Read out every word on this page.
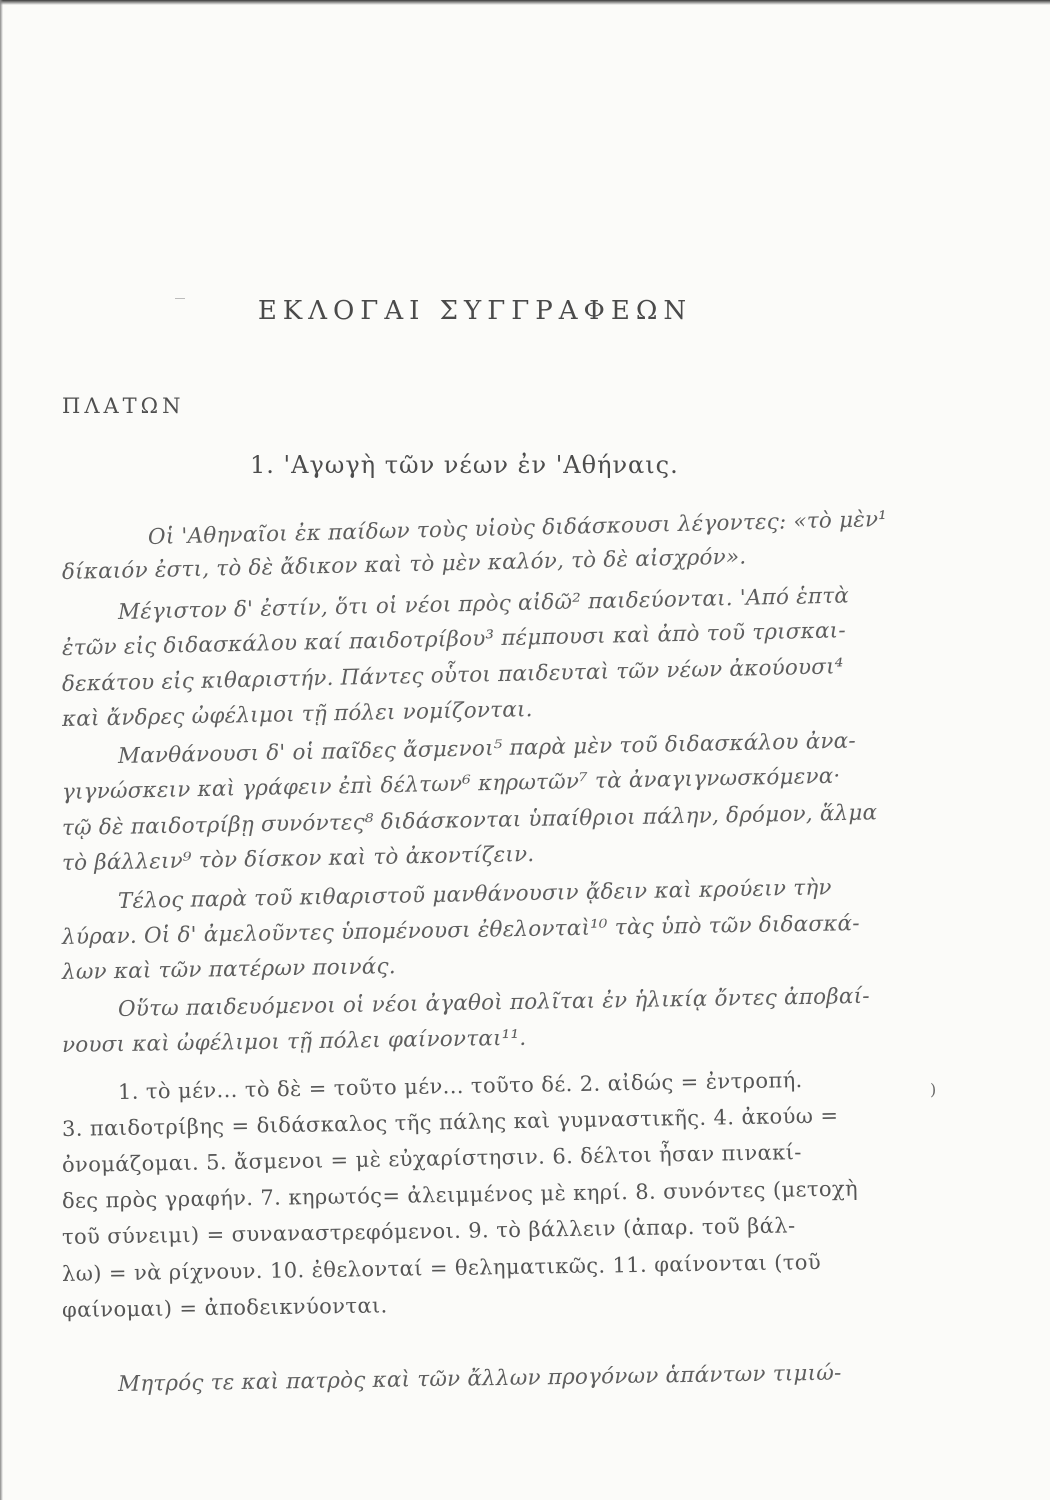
ΕΚΛΟΓΑΙ ΣΥΓΓΡΑΦΕΩΝ
ΠΛΑΤΩΝ
1. 'Αγωγὴ τῶν νέων ἐν 'Αθήναις.
Οἱ 'Αθηναῖοι ἐκ παίδων τοὺς υἱοὺς διδάσκουσι λέγοντες: «τὸ μὲν¹
δίκαιόν ἐστι, τὸ δὲ ἄδικον καὶ τὸ μὲν καλόν, τὸ δὲ αἰσχρόν».
Μέγιστον δ' ἐστίν, ὅτι οἱ νέοι πρὸς αἰδῶ² παιδεύονται. 'Από ἑπτὰ
ἐτῶν εἰς διδασκάλου καί παιδοτρίβου³ πέμπουσι καὶ ἀπὸ τοῦ τρισκαι-
δεκάτου εἰς κιθαριστήν. Πάντες οὗτοι παιδευταὶ τῶν νέων ἀκούουσι⁴
καὶ ἄνδρες ὠφέλιμοι τῇ πόλει νομίζονται.
Μανθάνουσι δ' οἱ παῖδες ἄσμενοι⁵ παρὰ μὲν τοῦ διδασκάλου ἀνα-
γιγνώσκειν καὶ γράφειν ἐπὶ δέλτων⁶ κηρωτῶν⁷ τὰ ἀναγιγνωσκόμενα·
τῷ δὲ παιδοτρίβῃ συνόντες⁸ διδάσκονται ὑπαίθριοι πάλην, δρόμον, ἅλμα
τὸ βάλλειν⁹ τὸν δίσκον καὶ τὸ ἀκοντίζειν.
Τέλος παρὰ τοῦ κιθαριστοῦ μανθάνουσιν ᾄδειν καὶ κρούειν τὴν
λύραν. Οἱ δ' ἀμελοῦντες ὑπομένουσι ἐθελονταὶ¹⁰ τὰς ὑπὸ τῶν διδασκά-
λων καὶ τῶν πατέρων ποινάς.
Οὕτω παιδευόμενοι οἱ νέοι ἀγαθοὶ πολῖται ἐν ἡλικίᾳ ὄντες ἀποβαί-
νουσι καὶ ὠφέλιμοι τῇ πόλει φαίνονται¹¹.
1. τὸ μέν... τὸ δὲ = τοῦτο μέν... τοῦτο δέ. 2. αἰδώς = ἐντροπή.
3. παιδοτρίβης = διδάσκαλος τῆς πάλης καὶ γυμναστικῆς. 4. ἀκούω =
ὀνομάζομαι. 5. ἄσμενοι = μὲ εὐχαρίστησιν. 6. δέλτοι ἦσαν πινακί-
δες πρὸς γραφήν. 7. κηρωτός= ἀλειμμένος μὲ κηρί. 8. συνόντες (μετοχὴ
τοῦ σύνειμι) = συναναστρεφόμενοι. 9. τὸ βάλλειν (ἀπαρ. τοῦ βάλ-
λω) = νὰ ρίχνουν. 10. ἐθελονταί = θεληματικῶς. 11. φαίνονται (τοῦ
φαίνομαι) = ἀποδεικνύονται.
Μητρός τε καὶ πατρὸς καὶ τῶν ἄλλων προγόνων ἁπάντων τιμιώ-
)
